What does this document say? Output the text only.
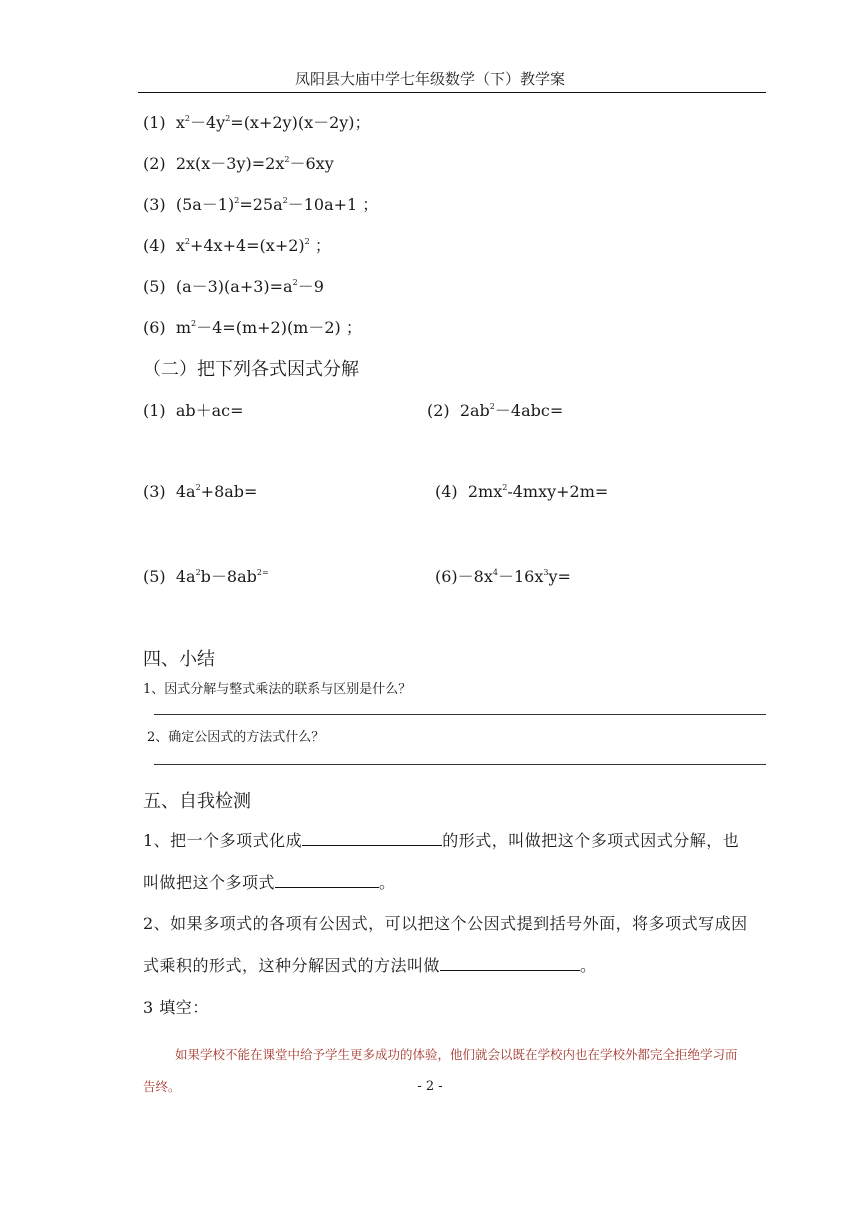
凤阳县大庙中学七年级数学（下）教学案
(1)  $x^2-4y^2=(x+2y)(x-2y)$；
(2)  $2x(x-3y)=2x^2-6xy$
(3)  $(5a-1)^2=25a^2-10a+1$ ；
(4)  $x^2+4x+4=(x+2)^2$ ；
(5)  $(a-3)(a+3)=a^2-9$
(6)  $m^2-4=(m+2)(m-2)$ ；
（二）把下列各式因式分解
(1)  ab＋ac=	(2)  $2ab^2-4abc=$
(3)  $4a^2+8ab=$	(4)  $2mx^2-4mxy+2m=$
(5)  $4a^2b-8ab^{2=}$	$(6)-8x^4-16x^3y=$
四、小结
1、因式分解与整式乘法的联系与区别是什么？
2、确定公因式的方法式什么？
五、自我检测
1、把一个多项式化成	的形式，叫做把这个多项式因式分解，也
叫做把这个多项式	。
2、如果多项式的各项有公因式，可以把这个公因式提到括号外面，将多项式写成因
式乘积的形式，这种分解因式的方法叫做	。
3 填空：
如果学校不能在课堂中给予学生更多成功的体验，他们就会以既在学校内也在学校外都完全拒绝学习而
告终。	- 2 -
